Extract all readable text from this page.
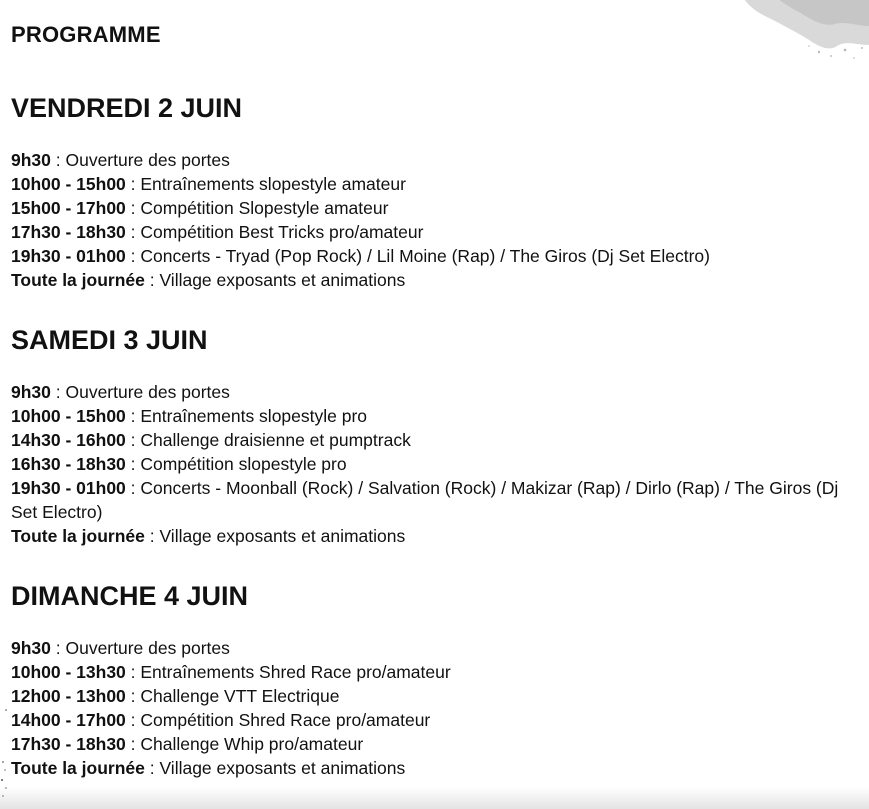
PROGRAMME
VENDREDI 2 JUIN
9h30 : Ouverture des portes
10h00 - 15h00 : Entraînements slopestyle amateur
15h00 - 17h00 : Compétition Slopestyle amateur
17h30 - 18h30 : Compétition Best Tricks pro/amateur
19h30 - 01h00 : Concerts - Tryad (Pop Rock) / Lil Moine (Rap) / The Giros (Dj Set Electro)
Toute la journée : Village exposants et animations
SAMEDI 3 JUIN
9h30 : Ouverture des portes
10h00 - 15h00 : Entraînements slopestyle pro
14h30 - 16h00 : Challenge draisienne et pumptrack
16h30 - 18h30 : Compétition slopestyle pro
19h30 - 01h00 : Concerts - Moonball (Rock) / Salvation (Rock) / Makizar (Rap) / Dirlo (Rap) / The Giros (Dj Set Electro)
Toute la journée : Village exposants et animations
DIMANCHE 4 JUIN
9h30 : Ouverture des portes
10h00 - 13h30 : Entraînements Shred Race pro/amateur
12h00 - 13h00 : Challenge VTT Electrique
14h00 - 17h00 : Compétition Shred Race pro/amateur
17h30 - 18h30 : Challenge Whip pro/amateur
Toute la journée : Village exposants et animations
